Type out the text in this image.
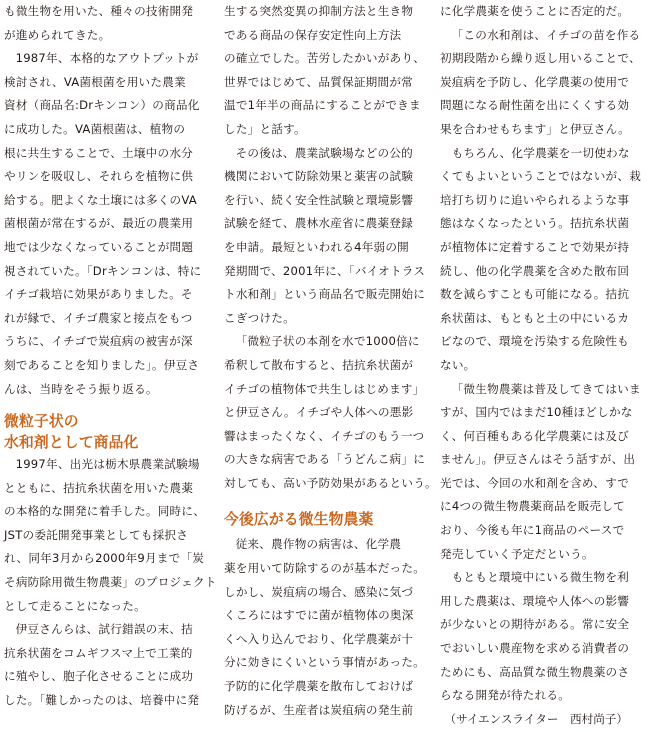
も微生物を用いた、種々の技術開発
が進められてきた。
1987年、本格的なアウトプットが
検討され、VA菌根菌を用いた農業
資材（商品名:Drキンコン）の商品化
に成功した。VA菌根菌は、植物の
根に共生することで、土壌中の水分
やリンを吸収し、それらを植物に供
給する。肥よくな土壌には多くのVA
菌根菌が常在するが、最近の農業用
地では少なくなっていることが問題
視されていた。「Drキンコンは、特に
イチゴ栽培に効果がありました。そ
れが縁で、イチゴ農家と接点をもつ
うちに、イチゴで炭疽病の被害が深
刻であることを知りました」。伊豆さ
んは、当時をそう振り返る。
微粒子状の
水和剤として商品化
1997年、出光は栃木県農業試験場
とともに、拮抗糸状菌を用いた農薬
の本格的な開発に着手した。同時に、
JSTの委託開発事業としても採択さ
れ、同年3月から2000年9月まで「炭
そ病防除用微生物農薬」のプロジェクト
として走ることになった。
伊豆さんらは、試行錯誤の末、拮
抗糸状菌をコムギフスマ上で工業的
に殖やし、胞子化させることに成功
した。「難しかったのは、培養中に発
生する突然変異の抑制方法と生き物
である商品の保存安定性向上方法
の確立でした。苦労したかいがあり、
世界ではじめて、品質保証期間が常
温で1年半の商品にすることができま
した」と話す。
その後は、農業試験場などの公的
機関において防除効果と薬害の試験
を行い、続く安全性試験と環境影響
試験を経て、農林水産省に農薬登録
を申請。最短といわれる4年弱の開
発期間で、2001年に、「バイオトラス
ト水和剤」という商品名で販売開始に
こぎつけた。
「微粒子状の本剤を水で1000倍に
希釈して散布すると、拮抗糸状菌が
イチゴの植物体で共生しはじめます」
と伊豆さん。イチゴや人体への悪影
響はまったくなく、イチゴのもう一つ
の大きな病害である「うどんこ病」に
対しても、高い予防効果があるという。
今後広がる微生物農薬
従来、農作物の病害は、化学農
薬を用いて防除するのが基本だった。
しかし、炭疽病の場合、感染に気づ
くころにはすでに菌が植物体の奥深
くへ入り込んでおり、化学農薬が十
分に効きにくいという事情があった。
予防的に化学農薬を散布しておけば
防げるが、生産者は炭疽病の発生前
に化学農薬を使うことに否定的だ。
「この水和剤は、イチゴの苗を作る
初期段階から繰り返し用いることで、
炭疽病を予防し、化学農薬の使用で
問題になる耐性菌を出にくくする効
果を合わせもちます」と伊豆さん。
もちろん、化学農薬を一切使わな
くてもよいということではないが、栽
培打ち切りに追いやられるような事
態はなくなったという。拮抗糸状菌
が植物体に定着することで効果が持
続し、他の化学農薬を含めた散布回
数を減らすことも可能になる。拮抗
糸状菌は、もともと土の中にいるカ
ビなので、環境を汚染する危険性も
ない。
「微生物農薬は普及してきてはいま
すが、国内ではまだ10種ほどしかな
く、何百種もある化学農薬には及び
ません」。伊豆さんはそう話すが、出
光では、今回の水和剤を含め、すで
に4つの微生物農薬商品を販売して
おり、今後も年に1商品のペースで
発売していく予定だという。
もともと環境中にいる微生物を利
用した農薬は、環境や人体への影響
が少ないとの期待がある。常に安全
でおいしい農産物を求める消費者の
ためにも、高品質な微生物農薬のさ
らなる開発が待たれる。
（サイエンスライター　西村尚子）
